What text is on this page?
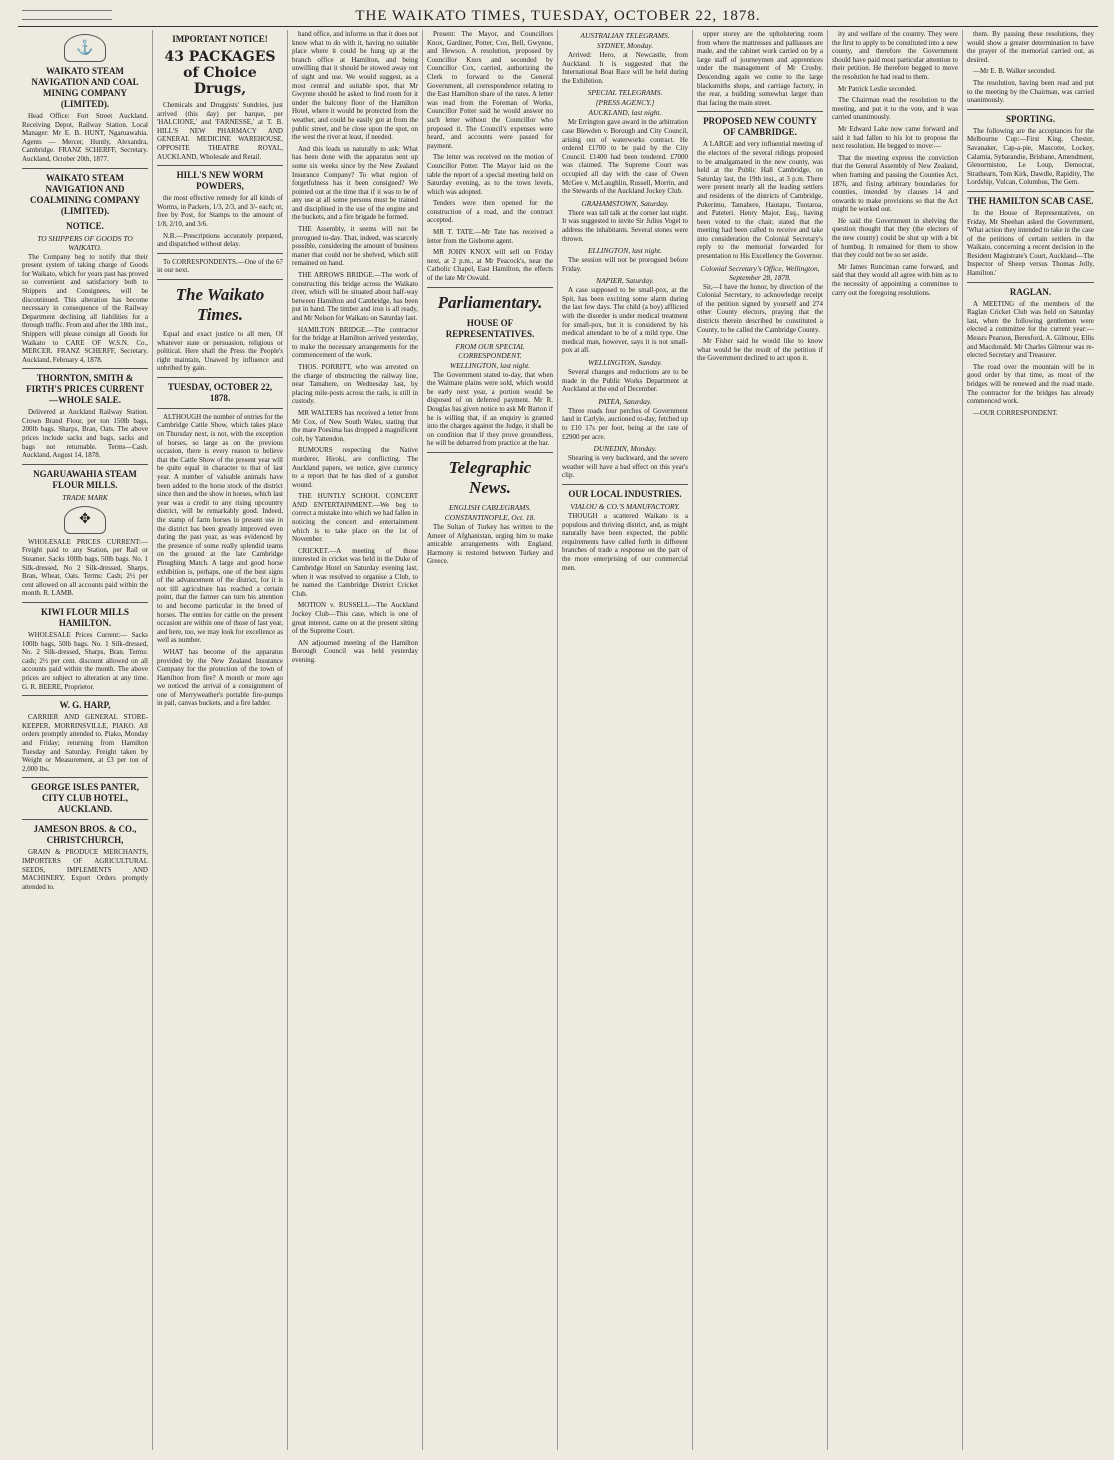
THE WAIKATO TIMES, TUESDAY, OCTOBER 22, 1878.
⚓
WAIKATO STEAM NAVIGATION AND COAL MINING COMPANY (LIMITED).

Head Office: Fort Street Auckland. Receiving Depot, Railway Station. Local Manager: Mr E. B. HUNT, Ngaruawahia. Agents — Mercer, Huntly, Alexandra, Cambridge. FRANZ SCHERFF, Secretary. Auckland, October 20th, 1877.

WAIKATO STEAM NAVIGATION AND COALMINING COMPANY (LIMITED).
NOTICE.
TO SHIPPERS OF GOODS TO WAIKATO.

The Company beg to notify that their present system of taking charge of Goods for Waikato, which for years past has proved so convenient and satisfactory both to Shippers and Consignees, will be discontinued. This alteration has become necessary in consequence of the Railway Department declining all liabilities for a through traffic. From and after the 18th inst., Shippers will please consign all Goods for Waikato to CARE OF W.S.N. Co., MERCER. FRANZ SCHERFF, Secretary. Auckland, February 4, 1878.

THORNTON, SMITH & FIRTH'S PRICES CURRENT—WHOLE SALE.

Delivered at Auckland Railway Station. Crown Brand Flour, per ton 150lb bags, 200lb bags. Sharps, Bran, Oats. The above prices include sacks and bags, sacks and bags not returnable. Terms—Cash. Auckland, August 14, 1878.

NGARUAWAHIA STEAM FLOUR MILLS.
TRADE MARK
✥

WHOLESALE PRICES CURRENT:— Freight paid to any Station, per Rail or Steamer. Sacks 100lb bags, 50lb bags. No. 1 Silk-dressed, No 2 Silk-dressed, Sharps, Bran, Wheat, Oats. Terms: Cash; 2½ per cent allowed on all accounts paid within the month. R. LAMB.

KIWI FLOUR MILLS HAMILTON.

WHOLESALE Prices Current:— Sacks 100lb bags, 50lb bags. No. 1 Silk-dressed, No. 2 Silk-dressed, Sharps, Bran. Terms: cash; 2½ per cent. discount allowed on all accounts paid within the month. The above prices are subject to alteration at any time. G. R. BEERE, Proprietor.

W. G. HARP,

CARRIER AND GENERAL STORE-KEEPER, MORRINSVILLE, PIAKO. All orders promptly attended to. Piako, Monday and Friday; returning from Hamilton Tuesday and Saturday. Freight taken by Weight or Measurement, at £3 per ton of 2,000 lbs.

GEORGE ISLES PANTER, CITY CLUB HOTEL, AUCKLAND.
JAMESON BROS. & CO., CHRISTCHURCH,

GRAIN & PRODUCE MERCHANTS, IMPORTERS OF AGRICULTURAL SEEDS, IMPLEMENTS AND MACHINERY, Export Orders promptly attended to.

IMPORTANT NOTICE!
43 PACKAGES of Choice Drugs,

Chemicals and Druggists' Sundries, just arrived (this day) per barque, per 'HALCIONE,' and 'FARNESSE,' at T. B. HILL'S NEW PHARMACY AND GENERAL MEDICINE WAREHOUSE, OPPOSITE THEATRE ROYAL, AUCKLAND, Wholesale and Retail.

HILL'S NEW WORM POWDERS,

the most effective remedy for all kinds of Worms, in Packets, 1/3, 2/3, and 3/- each; or, free by Post, for Stamps to the amount of 1/8, 2/10, and 3/6.

N.B.—Prescriptions accurately prepared, and dispatched without delay.

To CORRESPONDENTS.—One of the 67 in our next.

The Waikato Times.

Equal and exact justice to all men, Of whatever state or persuasion, religious or political. Here shall the Press the People's right maintain, Unawed by influence and unbribed by gain.

TUESDAY, OCTOBER 22, 1878.

ALTHOUGH the number of entries for the Cambridge Cattle Show, which takes place on Thursday next, is not, with the exception of horses, so large as on the previous occasion, there is every reason to believe that the Cattle Show of the present year will be quite equal in character to that of last year. A number of valuable animals have been added to the horse stock of the district since then and the show in horses, which last year was a credit to any rising upcountry district, will be remarkably good. Indeed, the stamp of farm horses in present use in the district has been greatly improved even during the past year, as was evidenced by the presence of some really splendid teams on the ground at the late Cambridge Ploughing Match. A large and good horse exhibition is, perhaps, one of the best signs of the advancement of the district, for it is not till agriculture has reached a certain point, that the farmer can turn his attention to and become particular in the breed of horses. The entries for cattle on the present occasion are within one of those of last year, and here, too, we may look for excellence as well as number.

WHAT has become of the apparatus provided by the New Zealand Insurance Company for the protection of the town of Hamilton from fire? A month or more ago we noticed the arrival of a consignment of one of Merryweather's portable fire-pumps in pail, canvas buckets, and a fire ladder.

hand office, and informs us that it does not know what to do with it, having no suitable place where it could be hung up at the branch office at Hamilton, and being unwilling that it should be stowed away out of sight and use. We would suggest, as a most central and suitable spot, that Mr Gwynne should be asked to find room for it under the balcony floor of the Hamilton Hotel, where it would be protected from the weather, and could be easily got at from the public street, and be close upon the spot, on the west the river at least, if needed.

And this leads us naturally to ask: What has been done with the apparatus sent up some six weeks since by the New Zealand Insurance Company? To what region of forgetfulness has it been consigned? We pointed out at the time that if it was to be of any use at all some persons must be trained and disciplined in the use of the engine and the buckets, and a fire brigade be formed.

THE Assembly, it seems will not be prorogued to-day. That, indeed, was scarcely possible, considering the amount of business matter that could not be shelved, which still remained on hand.

THE ARROWS BRIDGE.—The work of constructing this bridge across the Waikato river, which will be situated about half-way between Hamilton and Cambridge, has been put in hand. The timber and iron is all ready, and Mr Nelson for Waikato on Saturday last.

HAMILTON BRIDGE.—The contractor for the bridge at Hamilton arrived yesterday, to make the necessary arrangements for the commencement of the work.

THOS. PORRITT, who was arrested on the charge of obstructing the railway line, near Tamahere, on Wednesday last, by placing mile-posts across the rails, is still in custody.

MR WALTERS has received a letter from Mr Cox, of New South Wales, stating that the mare Poesima has dropped a magnificent colt, by Yattendon.

RUMOURS respecting the Native murderer, Hiroki, are conflicting. The Auckland papers, we notice, give currency to a report that he has died of a gunshot wound.

THE HUNTLY SCHOOL CONCERT AND ENTERTAINMENT.—We beg to correct a mistake into which we had fallen in noticing the concert and entertainment which is to take place on the 1st of November.

CRICKET.—A meeting of those interested in cricket was held in the Duke of Cambridge Hotel on Saturday evening last, when it was resolved to organise a Club, to be named the Cambridge District Cricket Club.

MOTION v. RUSSELL—The Auckland Jockey Club—This case, which is one of great interest, came on at the present sitting of the Supreme Court.

AN adjourned meeting of the Hamilton Borough Council was held yesterday evening.

Present: The Mayor, and Councillors Knox, Gardiner, Potter, Cox, Bell, Gwynne, and Hewson. A resolution, proposed by Councillor Knox and seconded by Councillor Cox, carried, authorizing the Clerk to forward to the General Government, all correspondence relating to the East Hamilton share of the rates. A letter was read from the Foreman of Works, Councillor Potter said he would answer no such letter without the Councillor who proposed it. The Council's expenses were heard, and accounts were passed for payment.

The letter was received on the motion of Councillor Potter. The Mayor laid on the table the report of a special meeting held on Saturday evening, as to the town levels, which was adopted.

Tenders were then opened for the construction of a road, and the contract accepted.

MR T. TATE.—Mr Tate has received a letter from the Gisborne agent.

MR JOHN KNOX will sell on Friday next, at 2 p.m., at Mr Peacock's, near the Catholic Chapel, East Hamilton, the effects of the late Mr Oswald.

Parliamentary.
HOUSE OF REPRESENTATIVES.
FROM OUR SPECIAL CORRESPONDENT.
WELLINGTON, last night.

The Government stated to-day, that when the Waimate plains were sold, which would be early next year, a portion would be disposed of on deferred payment. Mr R. Douglas has given notice to ask Mr Barton if he is willing that, if an enquiry is granted into the charges against the Judge, it shall be on condition that if they prove groundless, he will be debarred from practice at the bar.

Telegraphic News.
ENGLISH CABLEGRAMS.
CONSTANTINOPLE, Oct. 18.

The Sultan of Turkey has written to the Ameer of Afghanistan, urging him to make amicable arrangements with England. Harmony is restored between Turkey and Greece.

AUSTRALIAN TELEGRAMS.
SYDNEY, Monday.

Arrived: Hero, at Newcastle, from Auckland. It is suggested that the International Boat Race will be held during the Exhibition.

SPECIAL TELEGRAMS.
[PRESS AGENCY.]
AUCKLAND, last night.

Mr Errington gave award in the arbitration case Blewden v. Borough and City Council, arising out of waterworks contract. He ordered £1700 to be paid by the City Council. £1400 had been tendered. £7000 was claimed. The Supreme Court was occupied all day with the case of Owen McGee v. McLaughlin, Russell, Morrin, and the Stewards of the Auckland Jockey Club.

GRAHAMSTOWN, Saturday.

There was tall talk at the corner last night. It was suggested to invite Sir Julius Vogel to address the inhabitants. Several stones were thrown.

ELLINGTON, last night.

The session will not be prorogued before Friday.

NAPIER, Saturday.

A case supposed to be small-pox, at the Spit, has been exciting some alarm during the last few days. The child (a boy) afflicted with the disorder is under medical treatment for small-pox, but it is considered by his medical attendant to be of a mild type. One medical man, however, says it is not small-pox at all.

WELLINGTON, Sunday.

Several changes and reductions are to be made in the Public Works Department at Auckland at the end of December.

PATEA, Saturday.

Three roads four perches of Government land in Carlyle, auctioned to-day, fetched up to £10 17s per foot, being at the rate of £2900 per acre.

DUNEDIN, Monday.

Shearing is very backward, and the severe weather will have a bad effect on this year's clip.

OUR LOCAL INDUSTRIES.
VIALOU & CO.'S MANUFACTORY.

THOUGH a scattered Waikato is a populous and thriving district, and, as might naturally have been expected, the public requirements have called forth in different branches of trade a response on the part of the more enterprising of our commercial men.

upper storey are the upholstering room from where the mattresses and palliasses are made, and the cabinet work carried on by a large staff of journeymen and apprentices under the management of Mr Crosby. Descending again we come to the large blacksmiths shops, and carriage factory, in the rear, a building somewhat larger than that facing the main street.

PROPOSED NEW COUNTY OF CAMBRIDGE.

A LARGE and very influential meeting of the electors of the several ridings proposed to be amalgamated in the new county, was held at the Public Hall Cambridge, on Saturday last, the 19th inst., at 3 p.m. There were present nearly all the leading settlers and residents of the districts of Cambridge, Pukerimu, Tamahere, Hautapu, Tuotaroa, and Pateteri. Henry Major, Esq., having been voted to the chair, stated that the meeting had been called to receive and take into consideration the Colonial Secretary's reply to the memorial forwarded for presentation to His Excellency the Governor.

Colonial Secretary's Office, Wellington, September 28, 1878.

Sir,—I have the honor, by direction of the Colonial Secretary, to acknowledge receipt of the petition signed by yourself and 274 other County electors, praying that the districts therein described be constituted a County, to be called the Cambridge County.

Mr Fisher said he would like to know what would be the result of the petition if the Government declined to act upon it.

ity and welfare of the country. They were the first to apply to be constituted into a new county, and therefore the Government should have paid most particular attention to their petition. He therefore begged to move the resolution he had read to them.

Mr Patrick Leslie seconded.

The Chairman read the resolution to the meeting, and put it to the vote, and it was carried unanimously.

Mr Edward Lake now came forward and said it had fallen to his lot to propose the next resolution. He begged to move:—

That the meeting express the conviction that the General Assembly of New Zealand, when framing and passing the Counties Act, 1876, and fixing arbitrary boundaries for counties, intended by clauses 14 and onwards to make provisions so that the Act might be worked out.

He said the Government in shelving the question thought that they (the electors of the new county) could be shut up with a bit of humbug. It remained for them to show that they could not be so set aside.

Mr James Runciman came forward, and said that they would all agree with him as to the necessity of appointing a committee to carry out the foregoing resolutions.

them. By passing these resolutions, they would show a greater determination to have the prayer of the memorial carried out, as desired.

—Mr E. B. Walker seconded.

The resolution, having been read and put to the meeting by the Chairman, was carried unanimously.

SPORTING.

The following are the acceptances for the Melbourne Cup:—First King, Chester, Savanaker, Cap-a-pie, Mascotte, Lockey, Calamia, Sybarandie, Brisbane, Amendment, Glenormiston, Le Loup, Democrat, Strathearn, Tom Kirk, Dawdle, Rapidity, The Lordship, Vulcan, Columbus, The Gem.

THE HAMILTON SCAB CASE.

In the House of Representatives, on Friday, Mr Sheehan asked the Government, 'What action they intended to take in the case of the petitions of certain settlers in the Waikato, concerning a recent decision in the Resident Magistrate's Court, Auckland—The Inspector of Sheep versus Thomas Jolly, Hamilton.'

RAGLAN.

A MEETING of the members of the Raglan Cricket Club was held on Saturday last, when the following gentlemen were elected a committee for the current year:—Messrs Pearson, Beresford, A. Gilmour, Ellis and Macdonald. Mr Charles Gilmour was re-elected Secretary and Treasurer.

The road over the mountain will be in good order by that time, as most of the bridges will be renewed and the road made. The contractor for the bridges has already commenced work.

—OUR CORRESPONDENT.
